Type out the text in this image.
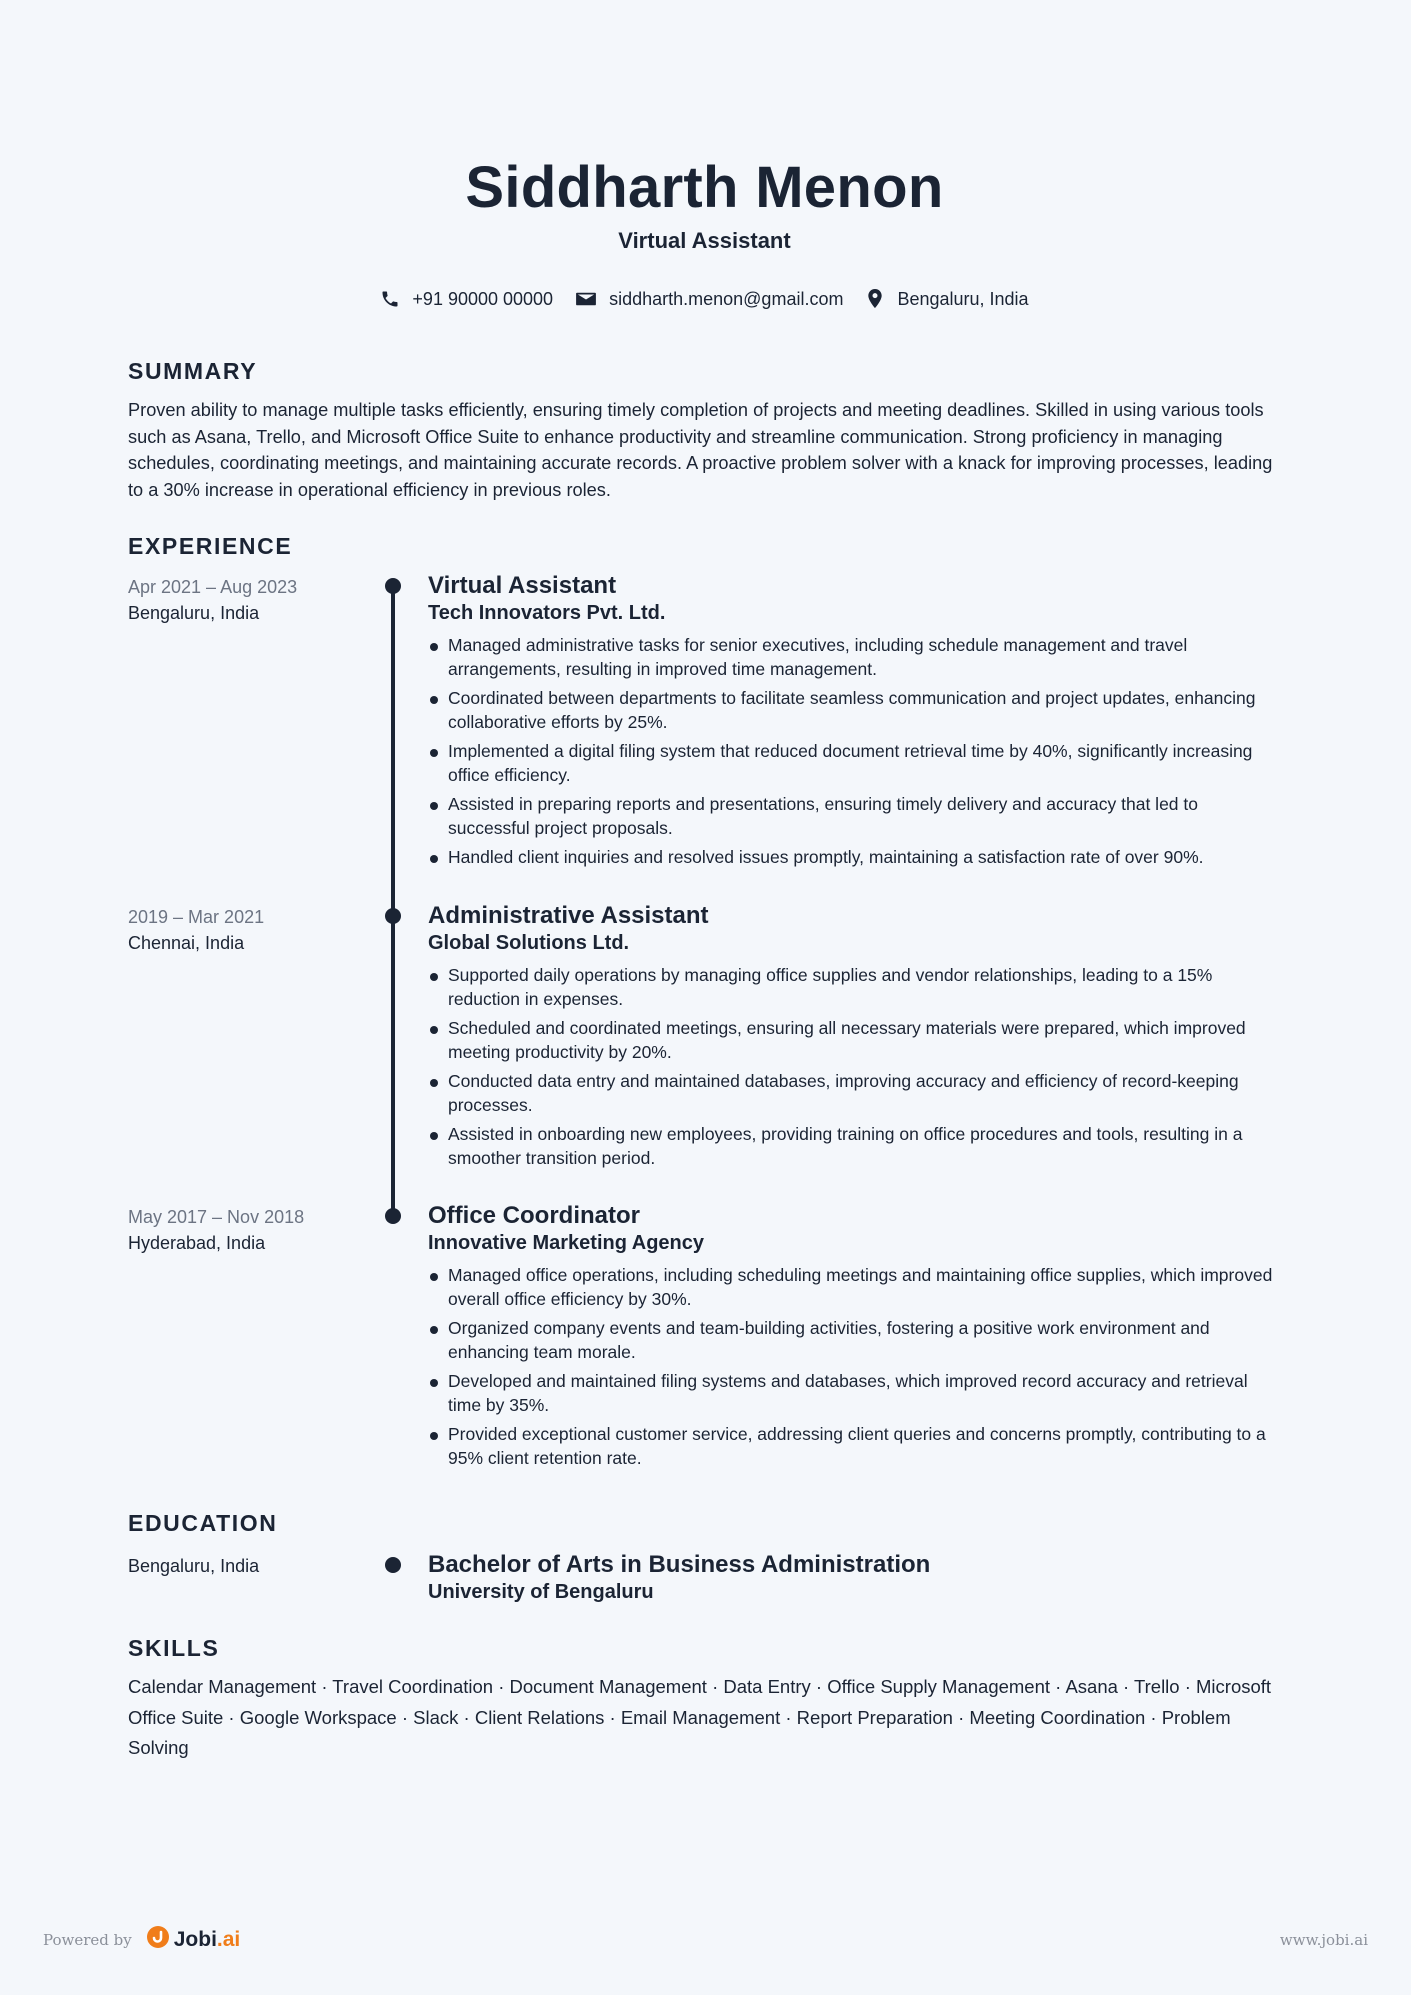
Siddharth Menon
Virtual Assistant
+91 90000 00000	siddharth.menon@gmail.com	Bengaluru, India
SUMMARY
Proven ability to manage multiple tasks efficiently, ensuring timely completion of projects and meeting deadlines. Skilled in using various tools such as Asana, Trello, and Microsoft Office Suite to enhance productivity and streamline communication. Strong proficiency in managing schedules, coordinating meetings, and maintaining accurate records. A proactive problem solver with a knack for improving processes, leading to a 30% increase in operational efficiency in previous roles.
EXPERIENCE
Apr 2021 – Aug 2023
Bengaluru, India
Virtual Assistant
Tech Innovators Pvt. Ltd.
Managed administrative tasks for senior executives, including schedule management and travel arrangements, resulting in improved time management.
Coordinated between departments to facilitate seamless communication and project updates, enhancing collaborative efforts by 25%.
Implemented a digital filing system that reduced document retrieval time by 40%, significantly increasing office efficiency.
Assisted in preparing reports and presentations, ensuring timely delivery and accuracy that led to successful project proposals.
Handled client inquiries and resolved issues promptly, maintaining a satisfaction rate of over 90%.
2019 – Mar 2021
Chennai, India
Administrative Assistant
Global Solutions Ltd.
Supported daily operations by managing office supplies and vendor relationships, leading to a 15% reduction in expenses.
Scheduled and coordinated meetings, ensuring all necessary materials were prepared, which improved meeting productivity by 20%.
Conducted data entry and maintained databases, improving accuracy and efficiency of record-keeping processes.
Assisted in onboarding new employees, providing training on office procedures and tools, resulting in a smoother transition period.
May 2017 – Nov 2018
Hyderabad, India
Office Coordinator
Innovative Marketing Agency
Managed office operations, including scheduling meetings and maintaining office supplies, which improved overall office efficiency by 30%.
Organized company events and team-building activities, fostering a positive work environment and enhancing team morale.
Developed and maintained filing systems and databases, which improved record accuracy and retrieval time by 35%.
Provided exceptional customer service, addressing client queries and concerns promptly, contributing to a 95% client retention rate.
EDUCATION
Bengaluru, India	Bachelor of Arts in Business Administration
University of Bengaluru
SKILLS
Calendar Management · Travel Coordination · Document Management · Data Entry · Office Supply Management · Asana · Trello · Microsoft Office Suite · Google Workspace · Slack · Client Relations · Email Management · Report Preparation · Meeting Coordination · Problem Solving
Powered by Jobi.ai	www.jobi.ai
